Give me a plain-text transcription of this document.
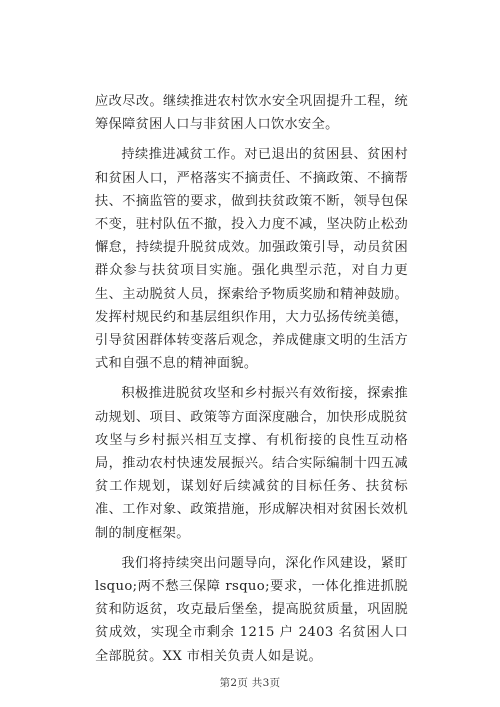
应改尽改。继续推进农村饮水安全巩固提升工程，统筹保障贫困人口与非贫困人口饮水安全。

持续推进减贫工作。对已退出的贫困县、贫困村和贫困人口，严格落实不摘责任、不摘政策、不摘帮扶、不摘监管的要求，做到扶贫政策不断，领导包保不变，驻村队伍不撤，投入力度不减，坚决防止松劲懈怠，持续提升脱贫成效。加强政策引导，动员贫困群众参与扶贫项目实施。强化典型示范，对自力更生、主动脱贫人员，探索给予物质奖励和精神鼓励。发挥村规民约和基层组织作用，大力弘扬传统美德，引导贫困群体转变落后观念，养成健康文明的生活方式和自强不息的精神面貌。

积极推进脱贫攻坚和乡村振兴有效衔接，探索推动规划、项目、政策等方面深度融合，加快形成脱贫攻坚与乡村振兴相互支撑、有机衔接的良性互动格局，推动农村快速发展振兴。结合实际编制十四五减贫工作规划，谋划好后续减贫的目标任务、扶贫标准、工作对象、政策措施，形成解决相对贫困长效机制的制度框架。

我们将持续突出问题导向，深化作风建设，紧盯 lsquo;两不愁三保障 rsquo;要求，一体化推进抓脱贫和防返贫，攻克最后堡垒，提高脱贫质量，巩固脱贫成效，实现全市剩余 1215 户 2403 名贫困人口全部脱贫。XX 市相关负责人如是说。

第2页 共3页
